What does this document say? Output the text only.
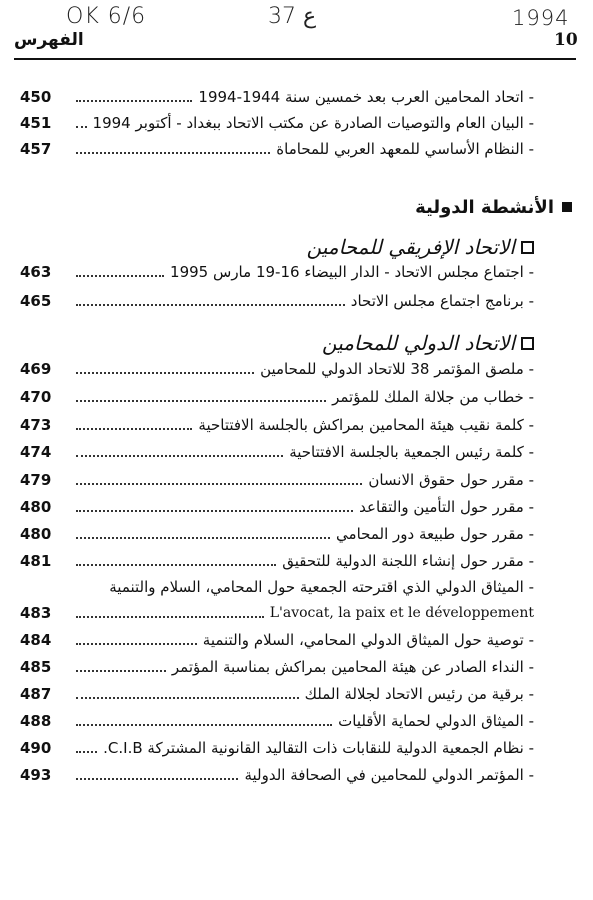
OK 6/6	37 ع	1994
الفهرس	10
450	- اتحاد المحامين العرب بعد خمسين سنة 1944-1994
451	- البيان العام والتوصيات الصادرة عن مكتب الاتحاد ببغداد - أكتوبر 1994
457	- النظام الأساسي للمعهد العربي للمحاماة
الأنشطة الدولية
الاتحاد الإفريقي للمحامين
463	- اجتماع مجلس الاتحاد - الدار البيضاء 16-19 مارس 1995
465	- برنامج اجتماع مجلس الاتحاد
الاتحاد الدولي للمحامين
469	- ملصق المؤتمر 38 للاتحاد الدولي للمحامين
470	- خطاب من جلالة الملك للمؤتمر
473	- كلمة نقيب هيئة المحامين بمراكش بالجلسة الافتتاحية
474	- كلمة رئيس الجمعية بالجلسة الافتتاحية
479	- مقرر حول حقوق الانسان
480	- مقرر حول التأمين والتقاعد
480	- مقرر حول طبيعة دور المحامي
481	- مقرر حول إنشاء اللجنة الدولية للتحقيق
- الميثاق الدولي الذي اقترحته الجمعية حول المحامي، السلام والتنمية
483	L'avocat, la paix et le développement
484	- توصية حول الميثاق الدولي المحامي، السلام والتنمية
485	- النداء الصادر عن هيئة المحامين بمراكش بمناسبة المؤتمر
487	- برقية من رئيس الاتحاد لجلالة الملك
488	- الميثاق الدولي لحماية الأقليات
490	- نظام الجمعية الدولية للنقابات ذات التقاليد القانونية المشتركة C.I.B.
493	- المؤتمر الدولي للمحامين في الصحافة الدولية
